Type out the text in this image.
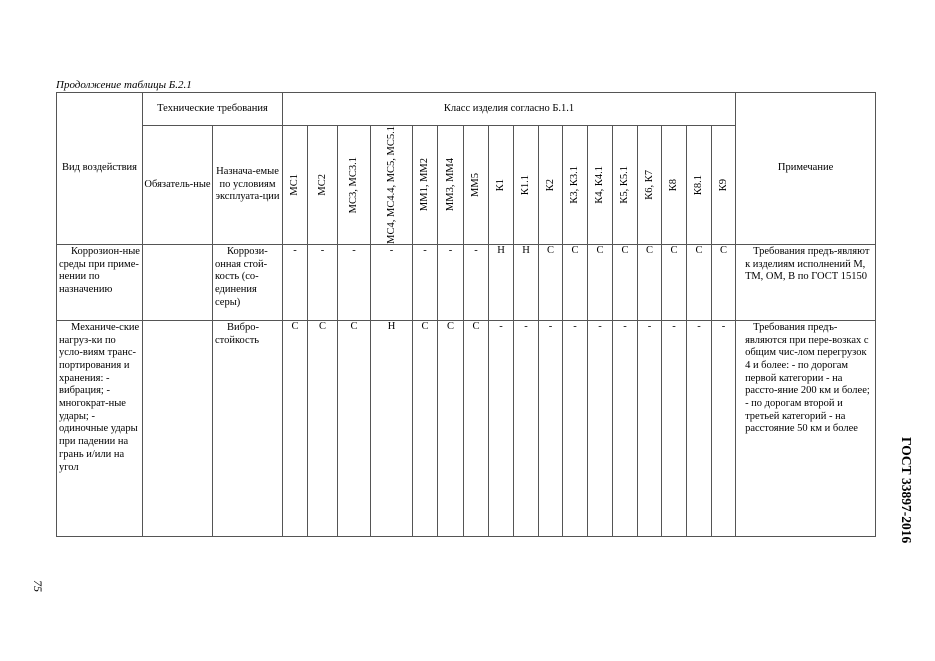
Продолжение таблицы Б.2.1
Вид воздействия	Технические требования		Класс изделия согласно Б.1.1																	Примечание
	Обязатель-ные	Назнача-емые по условиям эксплуата-ции	МС1	МС2	МС3, МС3.1	МС4, МС4.4, МС5, МС5.1	ММ1, ММ2	ММ3, ММ4	ММ5	К1	К1.1	К2	К3, К3.1	К4, К4.1	К5, К5.1	К6, К7	К8	К8.1	К9	

Коррозион-ные среды при приме-нении по назначению		Коррози-онная стой-кость (со-единения серы)	-	-	-	-	-	-	-	Н	Н	С	С	С	С	С	С	С	С	Требования предъ-являют к изделиям исполнений М, ТМ, ОМ, В по ГОСТ 15150

Механиче-ские нагруз-ки по усло-виям транс-портирования и хранения: - вибрация; - многократ-ные удары; - одиночные удары при падении на грань и/или на угол		Вибро-стойкость	С	С	С	Н	С	С	С	-	-	-	-	-	-	-	-	-	-	Требования предъ-являются при пере-возках с общим чис-лом перегрузок 4 и более: - по дорогам первой категории - на рассто-яние 200 км и более; - по дорогам второй и третьей категорий - на расстояние 50 км и более
75
ГОСТ 33897-2016
